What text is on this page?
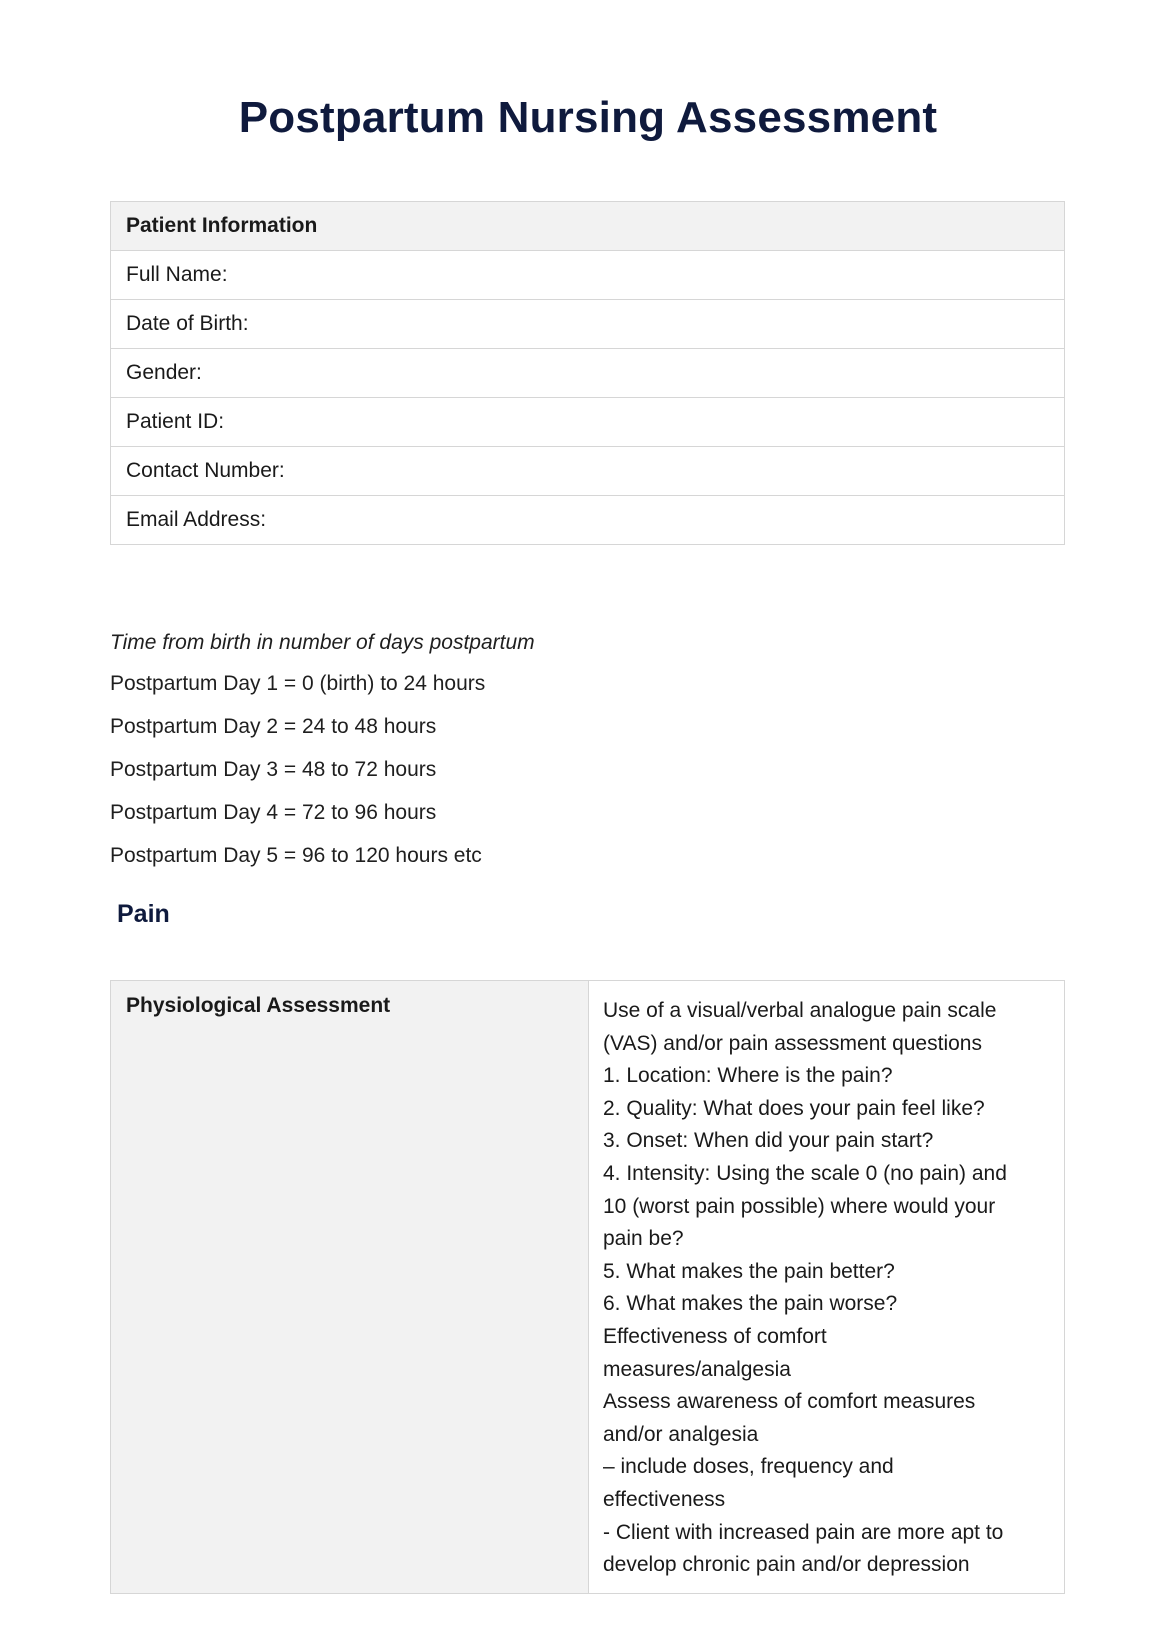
Postpartum Nursing Assessment
Patient Information
Full Name:
Date of Birth:
Gender:
Patient ID:
Contact Number:
Email Address:
Time from birth in number of days postpartum
Postpartum Day 1 = 0 (birth) to 24 hours
Postpartum Day 2 = 24 to 48 hours
Postpartum Day 3 = 48 to 72 hours
Postpartum Day 4 = 72 to 96 hours
Postpartum Day 5 = 96 to 120 hours etc
Pain
Physiological Assessment	Use of a visual/verbal analogue pain scale
(VAS) and/or pain assessment questions
1. Location: Where is the pain?
2. Quality: What does your pain feel like?
3. Onset: When did your pain start?
4. Intensity: Using the scale 0 (no pain) and
10 (worst pain possible) where would your
pain be?
5. What makes the pain better?
6. What makes the pain worse?
Effectiveness of comfort
measures/analgesia
Assess awareness of comfort measures
and/or analgesia
– include doses, frequency and
effectiveness
- Client with increased pain are more apt to
develop chronic pain and/or depression
